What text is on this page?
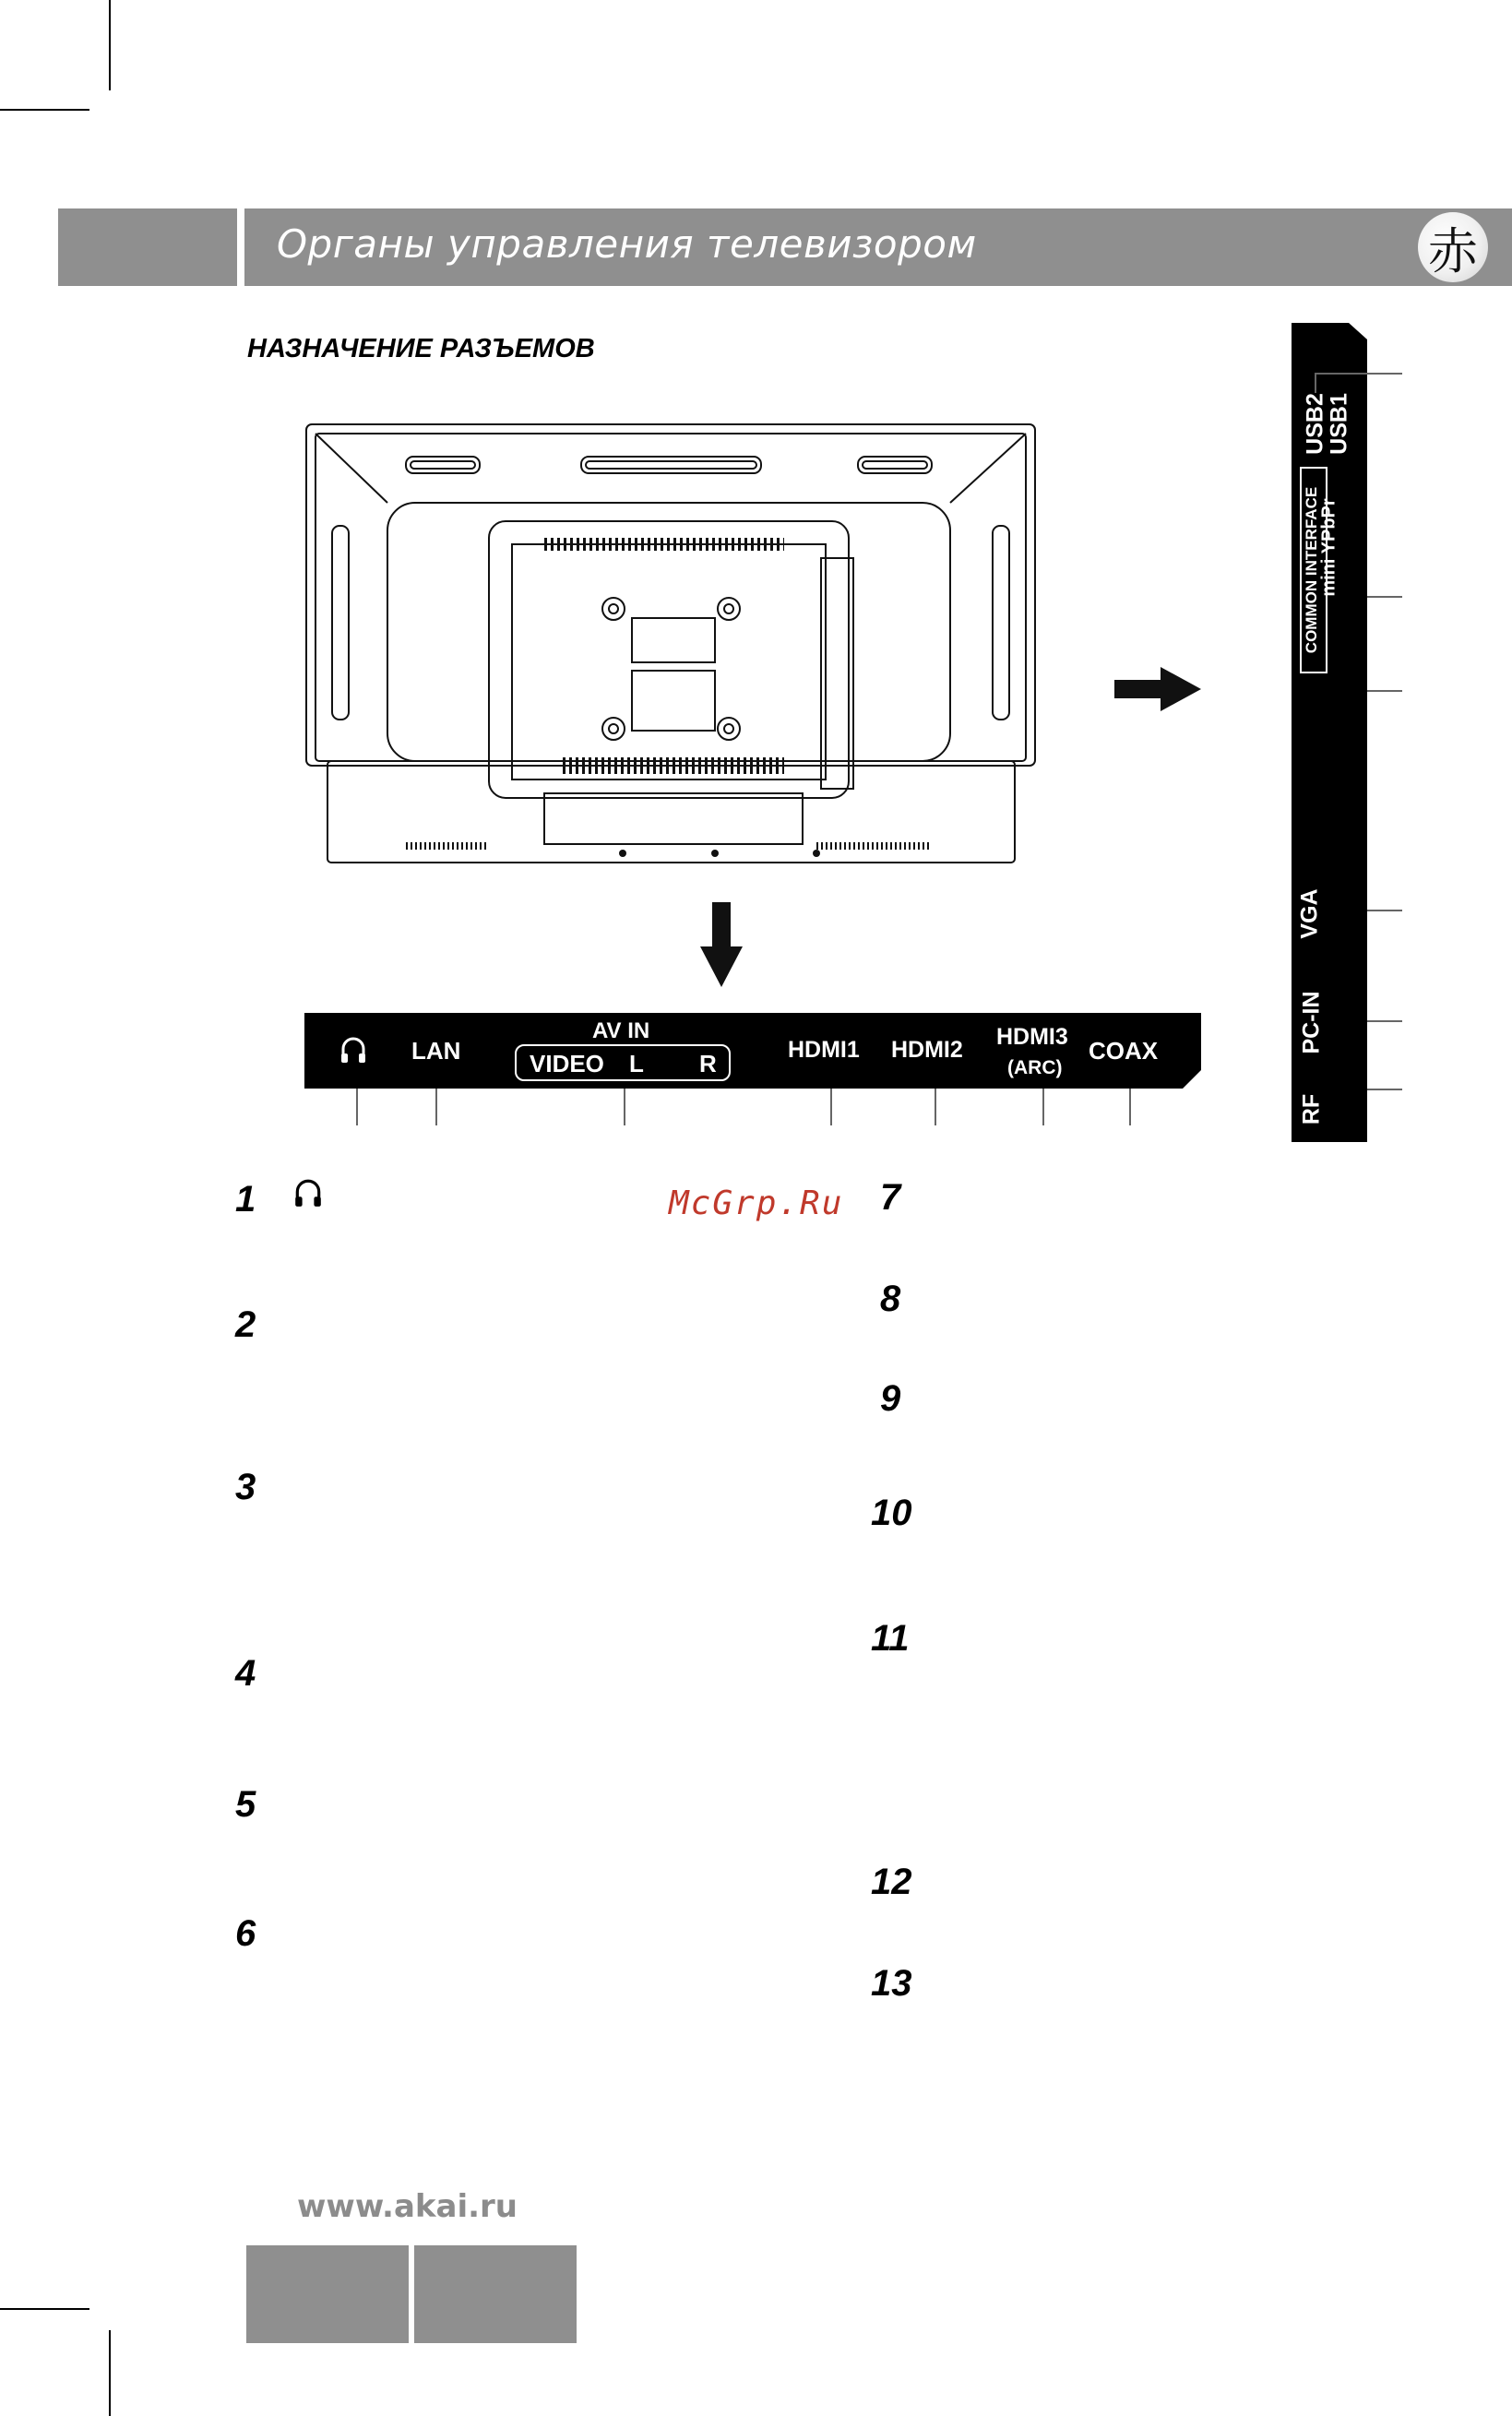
Органы управления телевизором	赤
НАЗНАЧЕНИЕ РАЗЪЕМОВ
USB2
USB1
COMMON INTERFACE
mini YPbPr
VGA
PC-IN
RF
LAN
AV IN
VIDEO L R	HDMI1 HDMI2 HDMI3
(ARC)
COAX
1
2
3
4
5
6
McGrp.Ru 7
8
9
10
11
12
13
www.akai.ru
